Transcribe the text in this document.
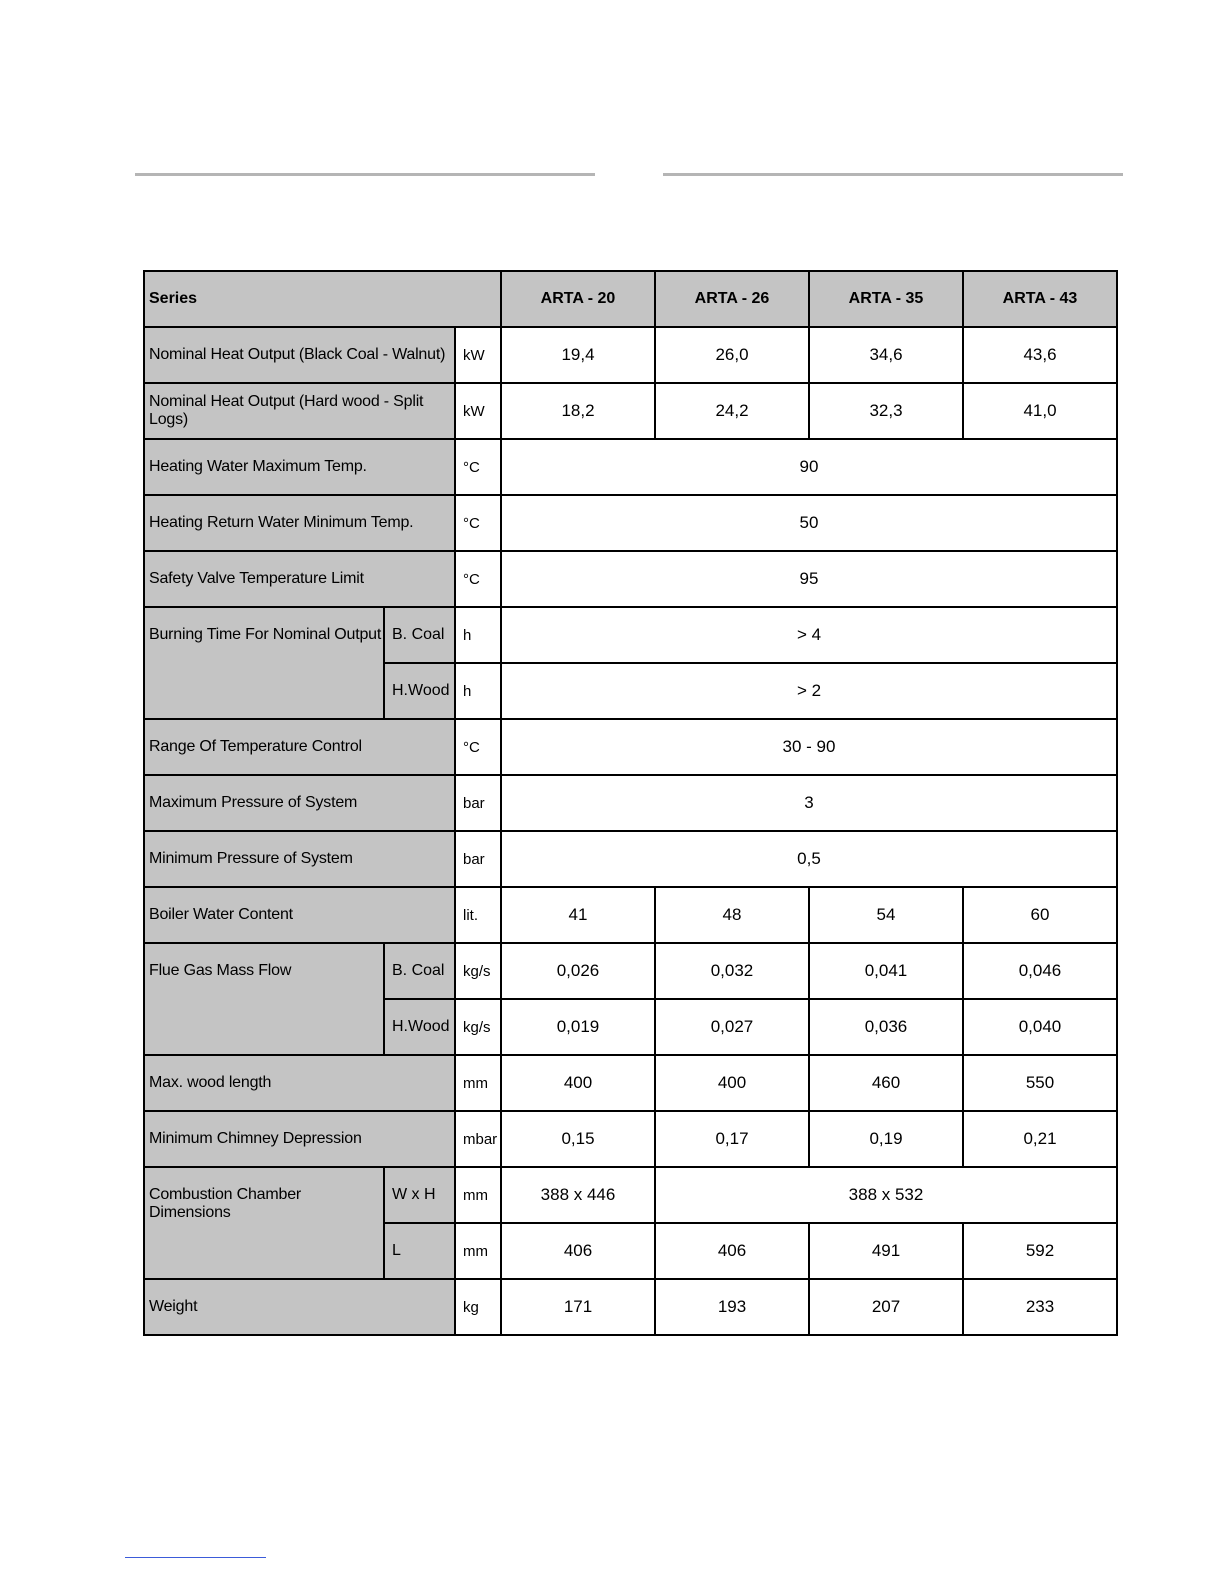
Series			ARTA - 20	ARTA - 26	ARTA - 35	ARTA - 43
Nominal Heat Output (Black Coal - Walnut)		kW	19,4	26,0	34,6	43,6
Nominal Heat Output (Hard wood - Split Logs)		kW	18,2	24,2	32,3	41,0
Heating Water Maximum Temp.		°C	90			
Heating Return Water Minimum Temp.		°C	50			
Safety Valve Temperature Limit		°C	95			
Burning Time For Nominal Output	B. Coal	h	> 4			
	H.Wood	h	> 2			
Range Of Temperature Control		°C	30 - 90			
Maximum Pressure of System		bar	3			
Minimum Pressure of System		bar	0,5			
Boiler Water Content		lit.	41	48	54	60
Flue Gas Mass Flow	B. Coal	kg/s	0,026	0,032	0,041	0,046
	H.Wood	kg/s	0,019	0,027	0,036	0,040
Max. wood length		mm	400	400	460	550
Minimum Chimney Depression		mbar	0,15	0,17	0,19	0,21
Combustion Chamber Dimensions	W x H	mm	388 x 446	388 x 532		
	L	mm	406	406	491	592
Weight		kg	171	193	207	233
